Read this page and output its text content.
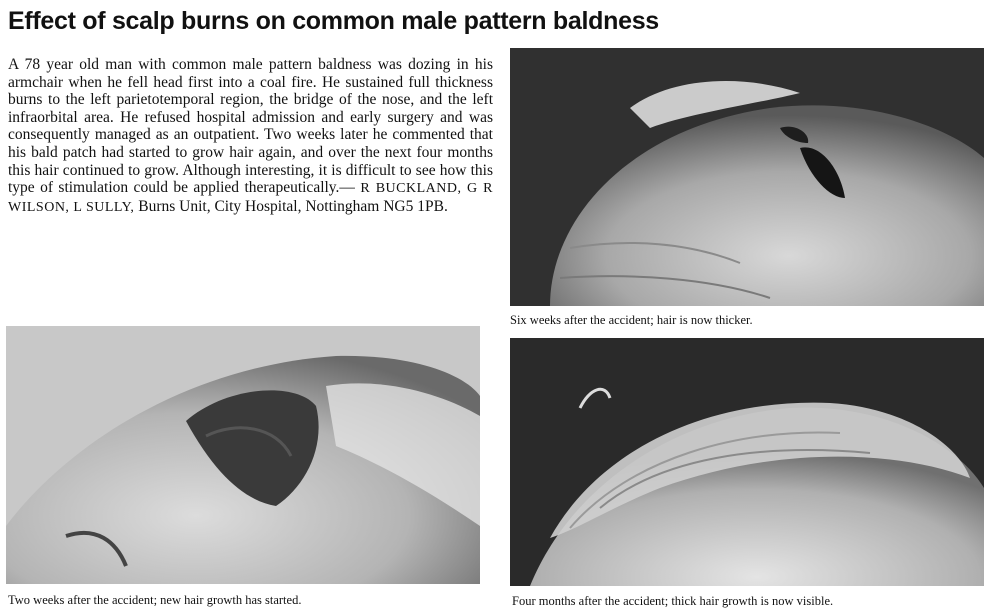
Effect of scalp burns on common male pattern baldness
A 78 year old man with common male pattern baldness was dozing in his armchair when he fell head first into a coal fire. He sustained full thickness burns to the left parietotemporal region, the bridge of the nose, and the left infraorbital area. He refused hospital admission and early surgery and was consequently managed as an outpatient. Two weeks later he commented that his bald patch had started to grow hair again, and over the next four months this hair continued to grow. Although interesting, it is difficult to see how this type of stimulation could be applied therapeutically.— R BUCKLAND, G R WILSON, L SULLY, Burns Unit, City Hospital, Nottingham NG5 1PB.
Six weeks after the accident; hair is now thicker.
Two weeks after the accident; new hair growth has started.	Four months after the accident; thick hair growth is now visible.
